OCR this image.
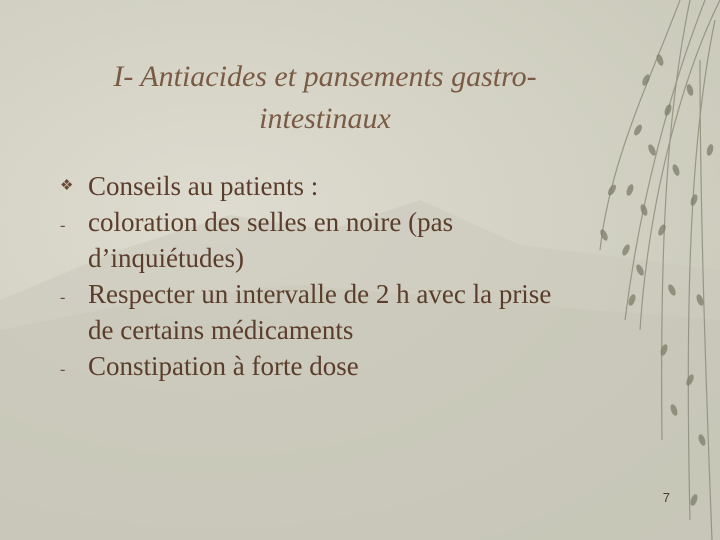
I- Antiacides et pansements gastro-
intestinaux
❖ Conseils au patients :
- coloration des selles en noire (pas
d’inquiétudes)
- Respecter un intervalle de 2 h avec la prise
de certains médicaments
- Constipation à forte dose
7
